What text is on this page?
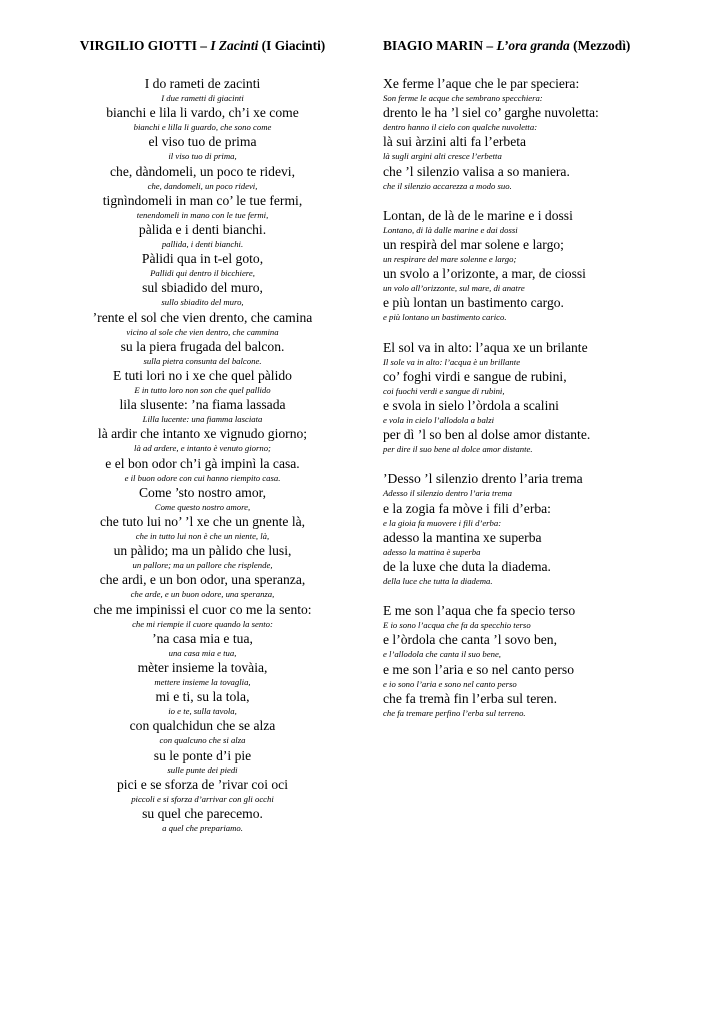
VIRGILIO GIOTTI – I Zacinti (I Giacinti)
I do rameti de zacinti
I due rametti di giacinti
bianchi e lila li vardo, ch’i xe come
bianchi e lilla li guardo, che sono come
el viso tuo de prima
il viso tuo di prima,
che, dàndomeli, un poco te ridevi,
che, dandomeli, un poco ridevi,
tignìndomeli in man co’ le tue fermi,
tenendomeli in mano con le tue fermi,
pàlida e i denti bianchi.
pallida, i denti bianchi.
Pàlidi qua in t-el goto,
Pallidi qui dentro il bicchiere,
sul sbiadido del muro,
sullo sbiadito del muro,
’rente el sol che vien drento, che camina
vicino al sole che vien dentro, che cammina
su la piera frugada del balcon.
sulla pietra consunta del balcone.
E tuti lori no i xe che quel pàlido
E in tutto loro non son che quel pallido
lila slusente: ’na fiama lassada
Lilla lucente: una fiamma lasciata
là ardir che intanto xe vignudo giorno;
là ad ardere, e intanto è venuto giorno;
e el bon odor ch’i gà impinì la casa.
e il buon odore con cui hanno riempito casa.
Come ’sto nostro amor,
Come questo nostro amore,
che tuto lui no’ ’l xe che un gnente là,
che in tutto lui non è che un niente, là,
un pàlido; ma un pàlido che lusi,
un pallore; ma un pallore che risplende,
che ardi, e un bon odor, una speranza,
che arde, e un buon odore, una speranza,
che me impinissi el cuor co me la sento:
che mi riempie il cuore quando la sento:
’na casa mia e tua,
una casa mia e tua,
mèter insieme la tovàia,
mettere insieme la tovaglia,
mi e ti, su la tola,
io e te, sulla tavola,
con qualchidun che se alza
con qualcuno che si alza
su le ponte d’i pie
sulle punte dei piedi
pici e se sforza de ’rivar coi oci
piccoli e si sforza d’arrivar con gli occhi
su quel che parecemo.
a quel che prepariamo.
BIAGIO MARIN – L’ora granda (Mezzodì)
Xe ferme l’aque che le par speciera:
Son ferme le acque che sembrano specchiera:
drento le ha ’l siel co’ garghe nuvoletta:
dentro hanno il cielo con qualche nuvoletta:
là sui àrzini alti fa l’erbeta
là sugli argini alti cresce l’erbetta
che ’l silenzio valisa a so maniera.
che il silenzio accarezza a modo suo.
Lontan, de là de le marine e i dossi
Lontano, di là dalle marine e dai dossi
un respirà del mar solene e largo;
un respirare del mare solenne e largo;
un svolo a l’orizonte, a mar, de ciossi
un volo all’orizzonte, sul mare, di anatre
e più lontan un bastimento cargo.
e più lontano un bastimento carico.
El sol va in alto: l’aqua xe un brilante
Il sole va in alto: l’acqua è un brillante
co’ foghi virdi e sangue de rubini,
coi fuochi verdi e sangue di rubini,
e svola in sielo l’òrdola a scalini
e vola in cielo l’allodola a balzi
per dì ’l so ben al dolse amor distante.
per dire il suo bene al dolce amor distante.
’Desso ’l silenzio drento l’aria trema
Adesso il silenzio dentro l’aria trema
e la zogia fa mòve i fili d’erba:
e la gioia fa muovere i fili d’erba:
adesso la mantina xe superba
adesso la mattina è superba
de la luxe che duta la diadema.
della luce che tutta la diadema.
E me son l’aqua che fa specio terso
E io sono l’acqua che fa da specchio terso
e l’òrdola che canta ’l sovo ben,
e l’allodola che canta il suo bene,
e me son l’aria e so nel canto perso
e io sono l’aria e sono nel canto perso
che fa tremà fin l’erba sul teren.
che fa tremare perfino l’erba sul terreno.
